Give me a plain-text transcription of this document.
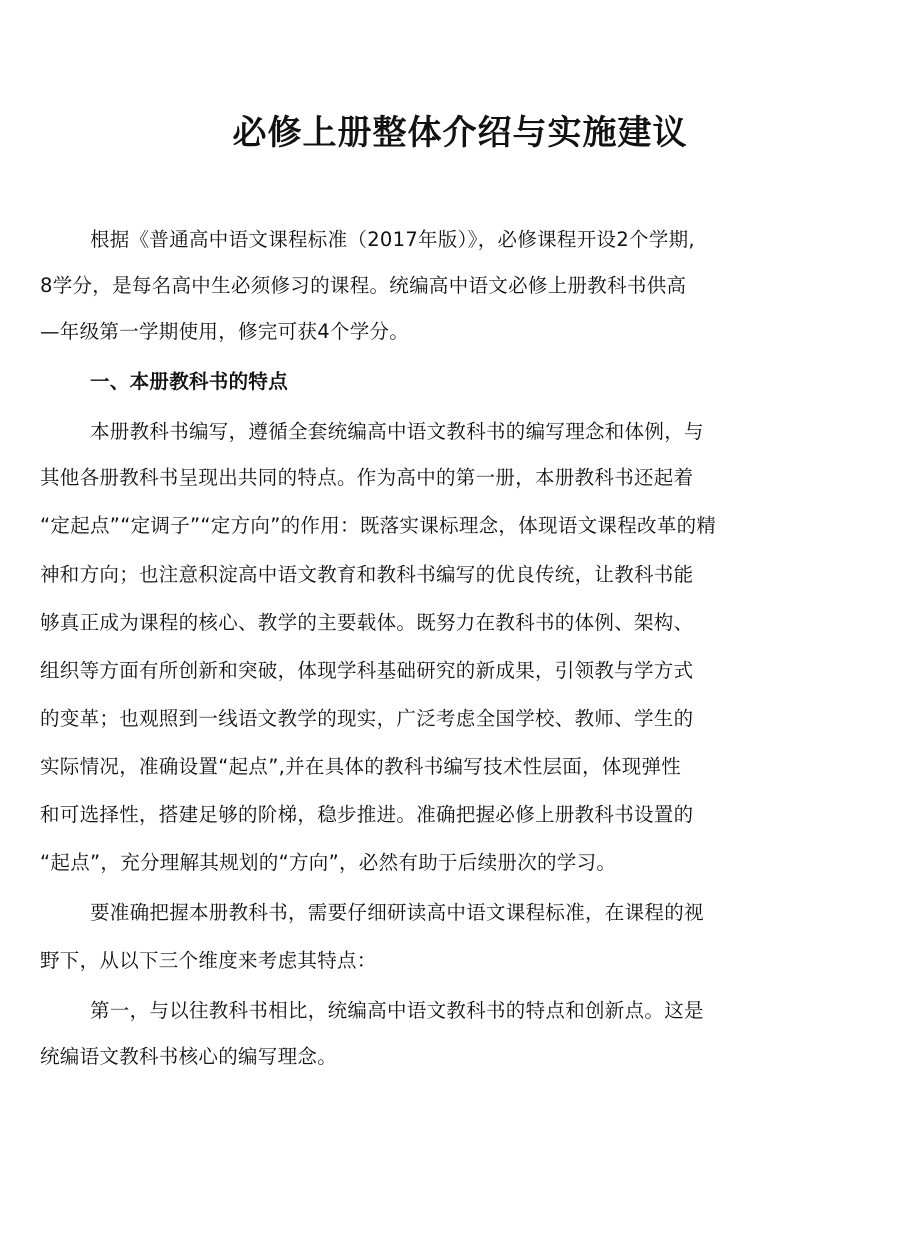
必修上册整体介绍与实施建议
根据《普通高中语文课程标准（2017年版）》，必修课程开设2个学期,
8学分，是每名高中生必须修习的课程。统编高中语文必修上册教科书供高
—年级第一学期使用，修完可获4个学分。
一、本册教科书的特点
本册教科书编写，遵循全套统编高中语文教科书的编写理念和体例，与
其他各册教科书呈现出共同的特点。作为高中的第一册，本册教科书还起着
“定起点”“定调子”“定方向”的作用：既落实课标理念，体现语文课程改革的精
神和方向；也注意积淀高中语文教育和教科书编写的优良传统，让教科书能
够真正成为课程的核心、教学的主要载体。既努力在教科书的体例、架构、
组织等方面有所创新和突破，体现学科基础研究的新成果，引领教与学方式
的变革；也观照到一线语文教学的现实，广泛考虑全国学校、教师、学生的
实际情况，准确设置“起点”,并在具体的教科书编写技术性层面，体现弹性
和可选择性，搭建足够的阶梯，稳步推进。准确把握必修上册教科书设置的
“起点”，充分理解其规划的“方向”，必然有助于后续册次的学习。
要准确把握本册教科书，需要仔细研读高中语文课程标准，在课程的视
野下，从以下三个维度来考虑其特点：
第一，与以往教科书相比，统编高中语文教科书的特点和创新点。这是
统编语文教科书核心的编写理念。
